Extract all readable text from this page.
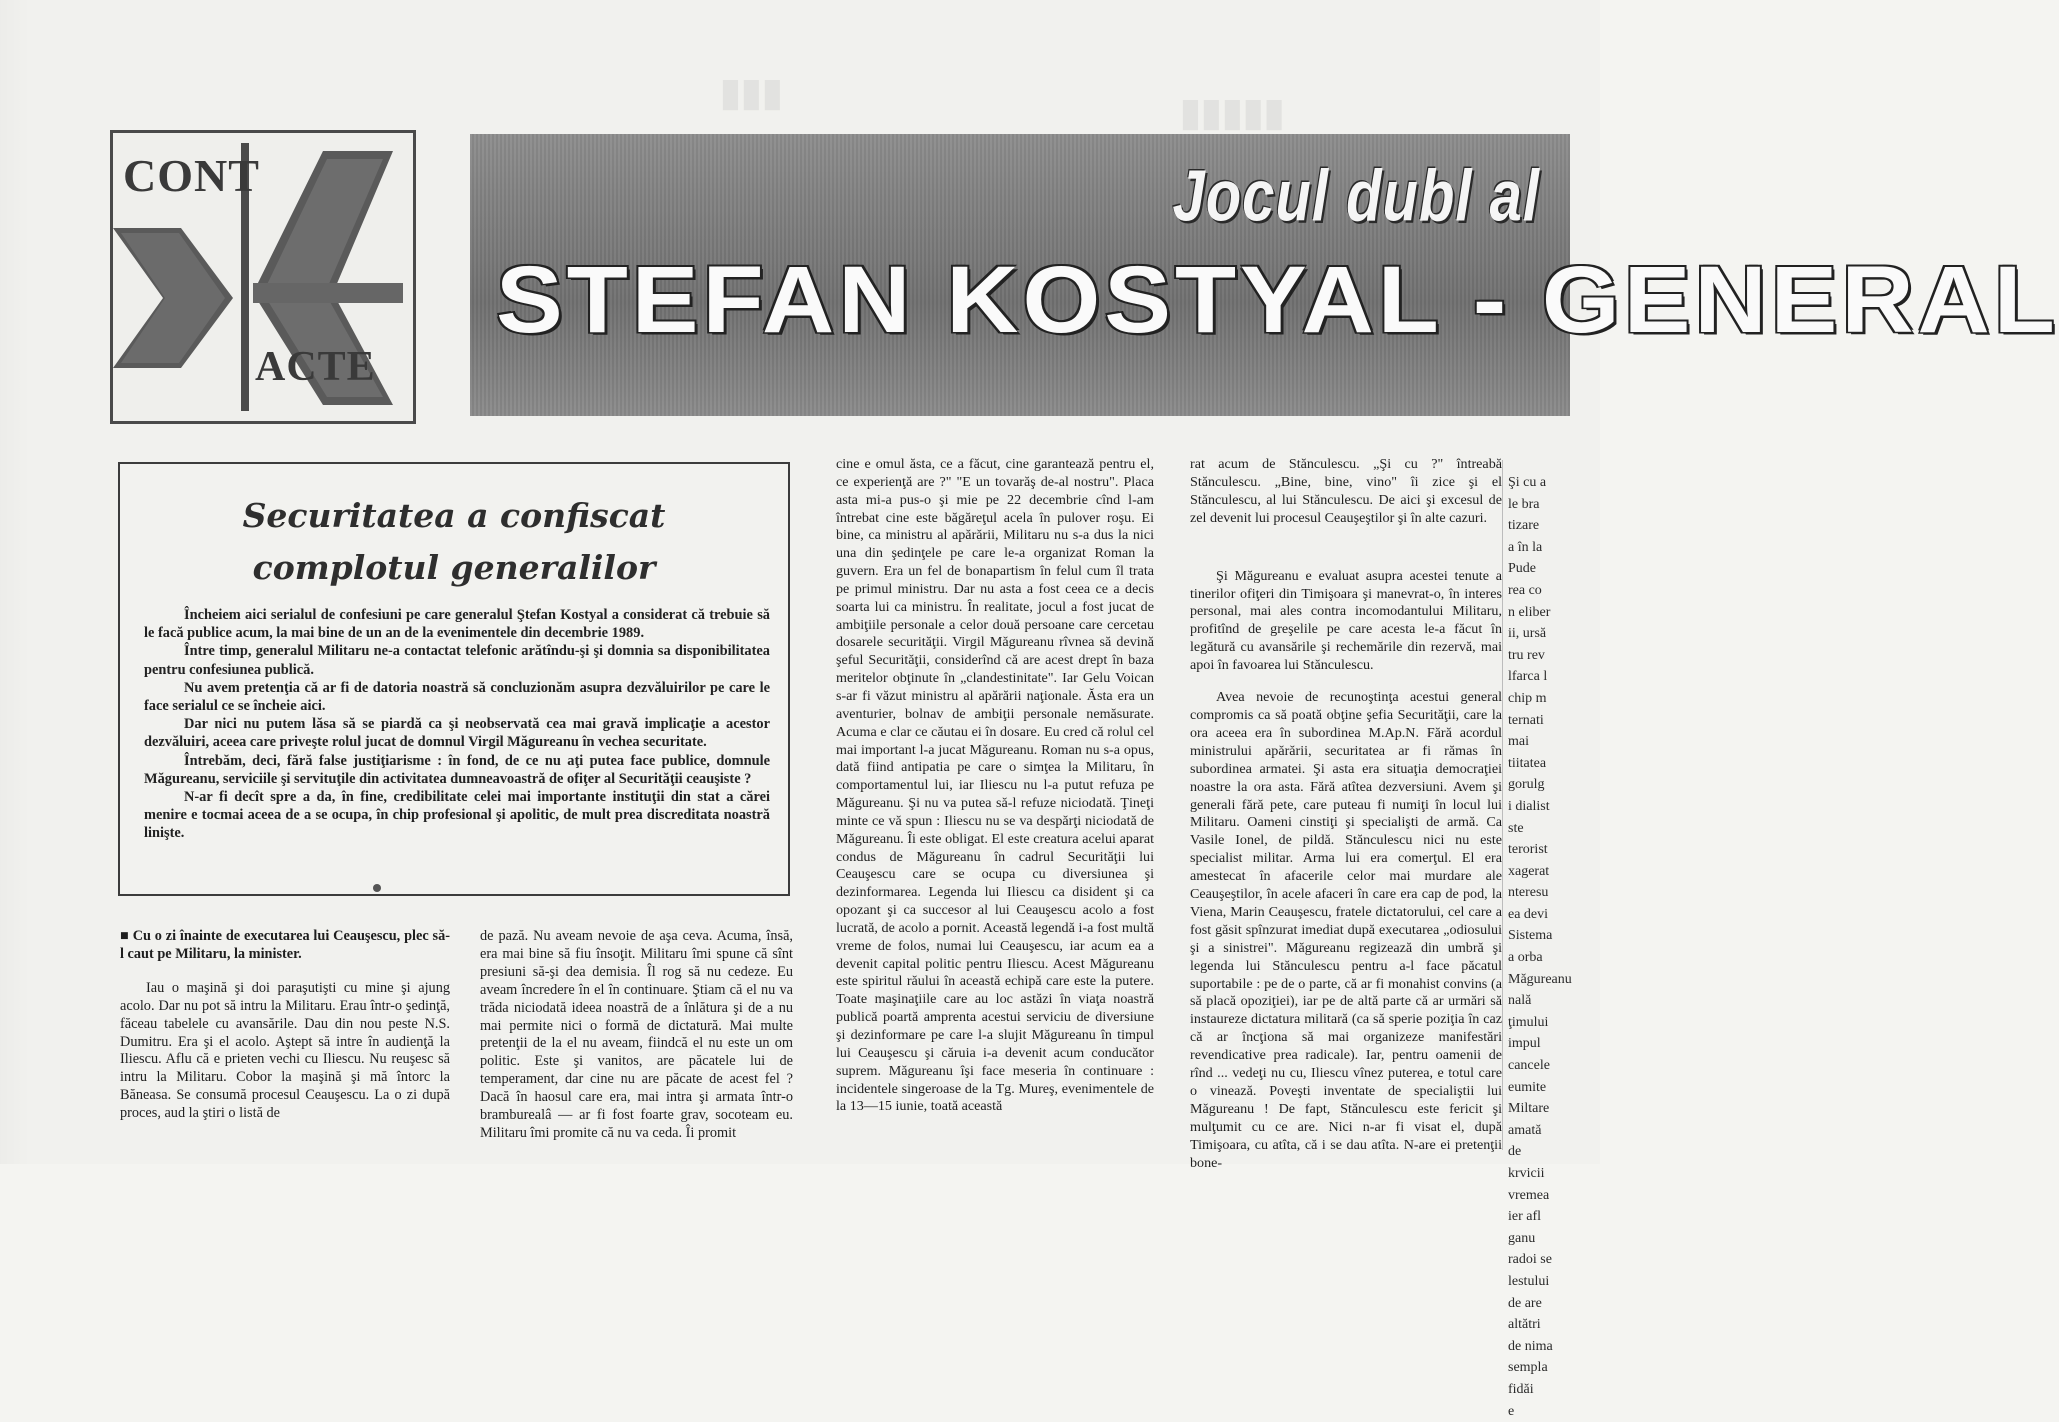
▮▮▮	▮▮▮▮▮
CONT
ACTE
Jocul dubl al
STEFAN KOSTYAL - GENERAL
Securitatea a confiscat
complotul generalilor

Încheiem aici serialul de confesiuni pe care generalul Ştefan Kostyal a considerat că trebuie să le facă publice acum, la mai bine de un an de la evenimentele din decembrie 1989.

Între timp, generalul Militaru ne-a contactat telefonic arătîndu-şi şi domnia sa disponibilitatea pentru confesiunea publică.

Nu avem pretenţia că ar fi de datoria noastră să concluzionăm asupra dezvăluirilor pe care le face serialul ce se încheie aici.

Dar nici nu putem lăsa să se piardă ca şi neobservată cea mai gravă implicaţie a acestor dezvăluiri, aceea care priveşte rolul jucat de domnul Virgil Măgureanu în vechea securitate.

Întrebăm, deci, fără false justiţiarisme : în fond, de ce nu aţi putea face publice, domnule Măgureanu, serviciile şi servituţile din activitatea dumneavoastră de ofiţer al Securităţii ceauşiste ?

N-ar fi decît spre a da, în fine, credibilitate celei mai importante instituţii din stat a cărei menire e tocmai aceea de a se ocupa, în chip profesional şi apolitic, de mult prea discreditata noastră linişte.

■ Cu o zi înainte de executarea lui Ceauşescu, plec să-l caut pe Militaru, la minister.

Iau o maşină şi doi paraşutişti cu mine şi ajung acolo. Dar nu pot să intru la Militaru. Erau într-o şedinţă, făceau tabelele cu avansările. Dau din nou peste N.S. Dumitru. Era şi el acolo. Aştept să intre în audienţă la Iliescu. Aflu că e prieten vechi cu Iliescu. Nu reuşesc să intru la Militaru. Cobor la maşină şi mă întorc la Băneasa. Se consumă procesul Ceauşescu. La o zi după proces, aud la ştiri o listă de

de pază. Nu aveam nevoie de aşa ceva. Acuma, însă, era mai bine să fiu însoţit. Militaru îmi spune că sînt presiuni să-şi dea demisia. Îl rog să nu cedeze. Eu aveam încredere în el în continuare. Ştiam că el nu va trăda niciodată ideea noastră de a înlătura şi de a nu mai permite nici o formă de dictatură. Mai multe pretenţii de la el nu aveam, fiindcă el nu este un om politic. Este şi vanitos, are păcatele lui de temperament, dar cine nu are păcate de acest fel ? Dacă în haosul care era, mai intra şi armata într-o bramburealâ — ar fi fost foarte grav, socoteam eu. Militaru îmi promite că nu va ceda. Îi promit

cine e omul ăsta, ce a făcut, cine garantează pentru el, ce experienţă are ?" "E un tovarăş de-al nostru". Placa asta mi-a pus-o şi mie pe 22 decembrie cînd l-am întrebat cine este băgăreţul acela în pulover roşu. Ei bine, ca ministru al apărării, Militaru nu s-a dus la nici una din şedinţele pe care le-a organizat Roman la guvern. Era un fel de bonapartism în felul cum îl trata pe primul ministru. Dar nu asta a fost ceea ce a decis soarta lui ca ministru. În realitate, jocul a fost jucat de ambiţiile personale a celor două persoane care cercetau dosarele securităţii. Virgil Măgureanu rîvnea să devină şeful Securităţii, considerînd că are acest drept în baza meritelor obţinute în „clandestinitate". Iar Gelu Voican s-ar fi văzut ministru al apărării naţionale. Ăsta era un aventurier, bolnav de ambiţii personale nemăsurate. Acuma e clar ce căutau ei în dosare. Eu cred că rolul cel mai important l-a jucat Măgureanu. Roman nu s-a opus, dată fiind antipatia pe care o simţea la Militaru, în comportamentul lui, iar Iliescu nu l-a putut refuza pe Măgureanu. Şi nu va putea să-l refuze niciodată. Ţineţi minte ce vă spun : Iliescu nu se va despărţi niciodată de Măgureanu. Îi este obligat. El este creatura acelui aparat condus de Măgureanu în cadrul Securităţii lui Ceauşescu care se ocupa cu diversiunea şi dezinformarea. Legenda lui Iliescu ca disident şi ca opozant şi ca succesor al lui Ceauşescu acolo a fost lucrată, de acolo a pornit. Această legendă i-a fost multă vreme de folos, numai lui Ceauşescu, iar acum ea a devenit capital politic pentru Iliescu. Acest Măgureanu este spiritul răului în această echipă care este la putere. Toate maşinaţiile care au loc astăzi în viaţa noastră publică poartă amprenta acestui serviciu de diversiune şi dezinformare pe care l-a slujit Măgureanu în timpul lui Ceauşescu şi căruia i-a devenit acum conducător suprem. Măgureanu îşi face meseria în continuare : incidentele singeroase de la Tg. Mureş, evenimentele de la 13—15 iunie, toată această

rat acum de Stănculescu. „Şi cu ?" întreabă Stănculescu. „Bine, bine, vino" îi zice şi el Stănculescu, al lui Stănculescu. De aici şi excesul de zel devenit lui procesul Ceauşeştilor şi în alte cazuri.

Şi Măgureanu e evaluat asupra acestei tenute a tinerilor ofiţeri din Timişoara şi manevrat-o, în interes personal, mai ales contra incomodantului Militaru, profitînd de greşelile pe care acesta le-a făcut în legătură cu avansările şi rechemările din rezervă, mai apoi în favoarea lui Stănculescu.

Avea nevoie de recunoştinţa acestui general compromis ca să poată obţine şefia Securităţii, care la ora aceea era în subordinea M.Ap.N. Fără acordul ministrului apărării, securitatea ar fi rămas în subordinea armatei. Şi asta era situaţia democraţiei noastre la ora asta. Fără atîtea dezversiuni. Avem şi generali fără pete, care puteau fi numiţi în locul lui Militaru. Oameni cinstiţi şi specialişti de armă. Ca Vasile Ionel, de pildă. Stănculescu nici nu este specialist militar. Arma lui era comerţul. El era amestecat în afacerile celor mai murdare ale Ceauşeştilor, în acele afaceri în care era cap de pod, la Viena, Marin Ceauşescu, fratele dictatorului, cel care a fost găsit spînzurat imediat după executarea „odiosului şi a sinistrei". Măgureanu regizează din umbră şi legenda lui Stănculescu pentru a-l face păcatul suportabile : pe de o parte, că ar fi monahist convins (a să placă opoziţiei), iar pe de altă parte că ar urmări să instaureze dictatura militară (ca să sperie poziţia în caz că ar încţiona să mai organizeze manifestări revendicative prea radicale). Iar, pentru oamenii de rînd ... vedeţi nu cu, Iliescu vînez puterea, e totul care o vinează. Poveşti inventate de specialiştii lui Măgureanu ! De fapt, Stănculescu este fericit şi mulţumit cu ce are. Nici n-ar fi visat el, după Timişoara, cu atîta, că i se dau atîta. N-are ei pretenţii bone-

Şi cu a
le bra
tizare
a în la
Pude
rea co
n eliber
ii, ursă
tru rev
lfarca l
chip m
ternati
mai
tiitatea
gorulg
i dialist
ste
terorist
xagerat
nteresu
ea devi
Sistema
a orba
Măgureanu
nală
ţimului
impul
cancele
eumite
Miltare
amată
de
krvicii
vremea
ier afl
ganu
radoi se
lestului
de are
altătri
de nima
sempla
fidăi
e
